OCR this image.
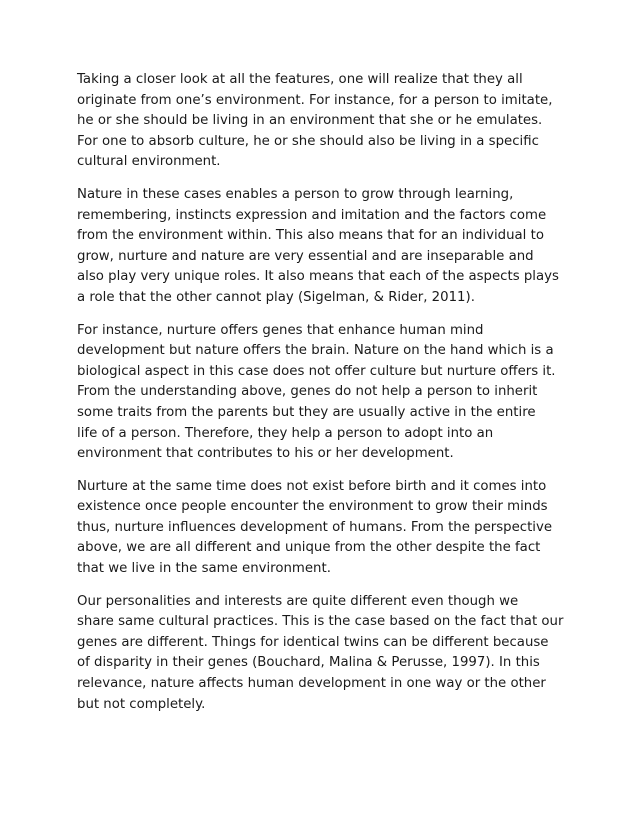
Taking a closer look at all the features, one will realize that they all
originate from one’s environment. For instance, for a person to imitate,
he or she should be living in an environment that she or he emulates.
For one to absorb culture, he or she should also be living in a specific
cultural environment.

Nature in these cases enables a person to grow through learning,
remembering, instincts expression and imitation and the factors come
from the environment within. This also means that for an individual to
grow, nurture and nature are very essential and are inseparable and
also play very unique roles. It also means that each of the aspects plays
a role that the other cannot play (Sigelman, & Rider, 2011).

For instance, nurture offers genes that enhance human mind
development but nature offers the brain. Nature on the hand which is a
biological aspect in this case does not offer culture but nurture offers it.
From the understanding above, genes do not help a person to inherit
some traits from the parents but they are usually active in the entire
life of a person. Therefore, they help a person to adopt into an
environment that contributes to his or her development.

Nurture at the same time does not exist before birth and it comes into
existence once people encounter the environment to grow their minds
thus, nurture influences development of humans. From the perspective
above, we are all different and unique from the other despite the fact
that we live in the same environment.

Our personalities and interests are quite different even though we
share same cultural practices. This is the case based on the fact that our
genes are different. Things for identical twins can be different because
of disparity in their genes (Bouchard, Malina & Perusse, 1997). In this
relevance, nature affects human development in one way or the other
but not completely.
